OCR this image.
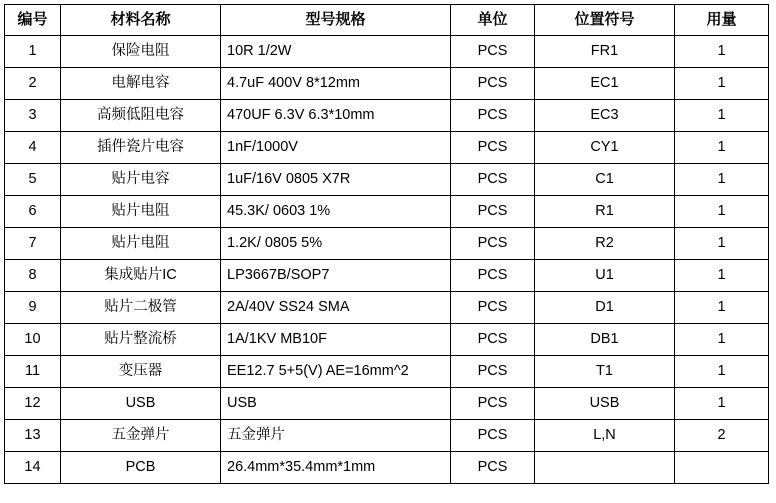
编号	材料名称	型号规格	单位	位置符号	用量
1	保险电阻	10R 1/2W	PCS	FR1	1
2	电解电容	4.7uF 400V 8*12mm	PCS	EC1	1
3	高频低阻电容	470UF 6.3V 6.3*10mm	PCS	EC3	1
4	插件瓷片电容	1nF/1000V	PCS	CY1	1
5	贴片电容	1uF/16V 0805 X7R	PCS	C1	1
6	贴片电阻	45.3K/ 0603 1%	PCS	R1	1
7	贴片电阻	1.2K/ 0805 5%	PCS	R2	1
8	集成贴片IC	LP3667B/SOP7	PCS	U1	1
9	贴片二极管	2A/40V SS24 SMA	PCS	D1	1
10	贴片整流桥	1A/1KV MB10F	PCS	DB1	1
11	变压器	EE12.7 5+5(V) AE=16mm^2	PCS	T1	1
12	USB	USB	PCS	USB	1
13	五金弹片	五金弹片	PCS	L,N	2
14	PCB	26.4mm*35.4mm*1mm	PCS		
